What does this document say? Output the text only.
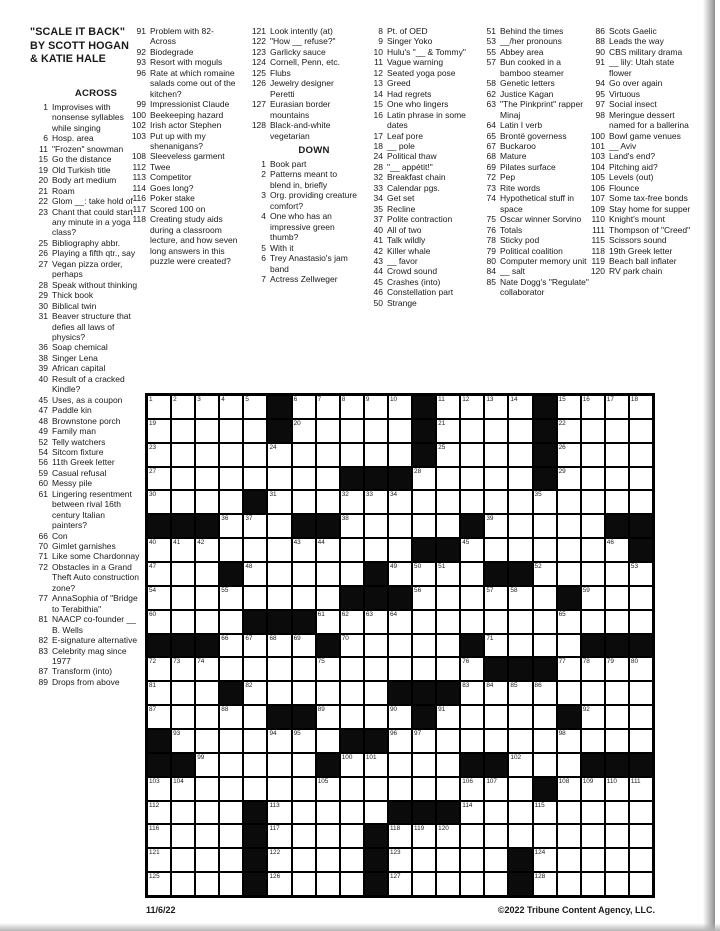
"SCALE IT BACK"
BY SCOTT HOGAN
& KATIE HALE
ACROSS
1 Improvises with nonsense syllables while singing
6 Hosp. area
11 "Frozen" snowman
15 Go the distance
19 Old Turkish title
20 Body art medium
21 Roam
22 Glom __: take hold of
23 Chant that could start any minute in a yoga class?
25 Bibliography abbr.
26 Playing a fifth qtr., say
27 Vegan pizza order, perhaps
28 Speak without thinking
29 Thick book
30 Biblical twin
31 Beaver structure that defies all laws of physics?
36 Soap chemical
38 Singer Lena
39 African capital
40 Result of a cracked Kindle?
45 Uses, as a coupon
47 Paddle kin
48 Brownstone porch
49 Family man
52 Telly watchers
54 Sitcom fixture
56 11th Greek letter
59 Casual refusal
60 Messy pile
61 Lingering resentment between rival 16th century Italian painters?
66 Con
70 Gimlet garnishes
71 Like some Chardonnay
72 Obstacles in a Grand Theft Auto construction zone?
77 AnnaSophia of "Bridge to Terabithia"
81 NAACP co-founder __ B. Wells
82 E-signature alternative
83 Celebrity mag since 1977
87 Transform (into)
89 Drops from above
91 Problem with 82-Across
92 Biodegrade
93 Resort with moguls
96 Rate at which romaine salads come out of the kitchen?
99 Impressionist Claude
100 Beekeeping hazard
102 Irish actor Stephen
103 Put up with my shenanigans?
108 Sleeveless garment
112 Twee
113 Competitor
114 Goes long?
116 Poker stake
117 Scored 100 on
118 Creating study aids during a classroom lecture, and how seven long answers in this puzzle were created?
121 Look intently (at)
122 "How __ refuse?"
123 Garlicky sauce
124 Cornell, Penn, etc.
125 Flubs
126 Jewelry designer Peretti
127 Eurasian border mountains
128 Black-and-white vegetarian
DOWN
1 Book part
2 Patterns meant to blend in, briefly
3 Org. providing creature comfort?
4 One who has an impressive green thumb?
5 With it
6 Trey Anastasio's jam band
7 Actress Zellweger
8 Pt. of OED
9 Singer Yoko
10 Hulu's "__ & Tommy"
11 Vague warning
12 Seated yoga pose
13 Greed
14 Had regrets
15 One who lingers
16 Latin phrase in some dates
17 Leaf pore
18 __ pole
24 Political thaw
28 "__ appétit!"
32 Breakfast chain
33 Calendar pgs.
34 Get set
35 Recline
37 Polite contraction
40 All of two
41 Talk wildly
42 Killer whale
43 __ favor
44 Crowd sound
45 Crashes (into)
46 Constellation part
50 Strange
51 Behind the times
53 __/her pronouns
55 Abbey area
57 Bun cooked in a bamboo steamer
58 Genetic letters
62 Justice Kagan
63 "The Pinkprint" rapper Minaj
64 Latin I verb
65 Brontë governess
67 Buckaroo
68 Mature
69 Pilates surface
72 Pep
73 Rite words
74 Hypothetical stuff in space
75 Oscar winner Sorvino
76 Totals
78 Sticky pod
79 Political coalition
80 Computer memory unit
84 __ salt
85 Nate Dogg's "Regulate" collaborator
86 Scots Gaelic
88 Leads the way
90 CBS military drama
91 __ lily: Utah state flower
94 Go over again
95 Virtuous
97 Social insect
98 Meringue dessert named for a ballerina
100 Bowl game venues
101 __ Aviv
103 Land's end?
104 Pitching aid?
105 Levels (out)
106 Flounce
107 Some tax-free bonds
109 Stay home for supper
110 Knight's mount
111 Thompson of "Creed"
115 Scissors sound
118 19th Greek letter
119 Beach ball inflater
120 RV park chain
1	2	3	4	5	6	7	8	9	10	11	12	13	14	15	16	17	18
19	20	21	22
23	24	25	26
27	28	29
30	31	32	33	34	35
36	37	38	39
40	41	42	43	44	45	46
47	48	49	50	51	52	53
54	55	56	57	58	59
60	61	62	63	64	65
66	67	68	69	70	71
72	73	74	75	76	77	78	79	80
81	82	83	84	85	86
87	88	89	90	91	92
93	94	95	96	97	98
99	100 101	102
103 104	105	106 107	108 109 110 111
112	113	114	115
116	117	118 119 120
121	122	123	124
125	126	127	128
11/6/22	©2022 Tribune Content Agency, LLC.
